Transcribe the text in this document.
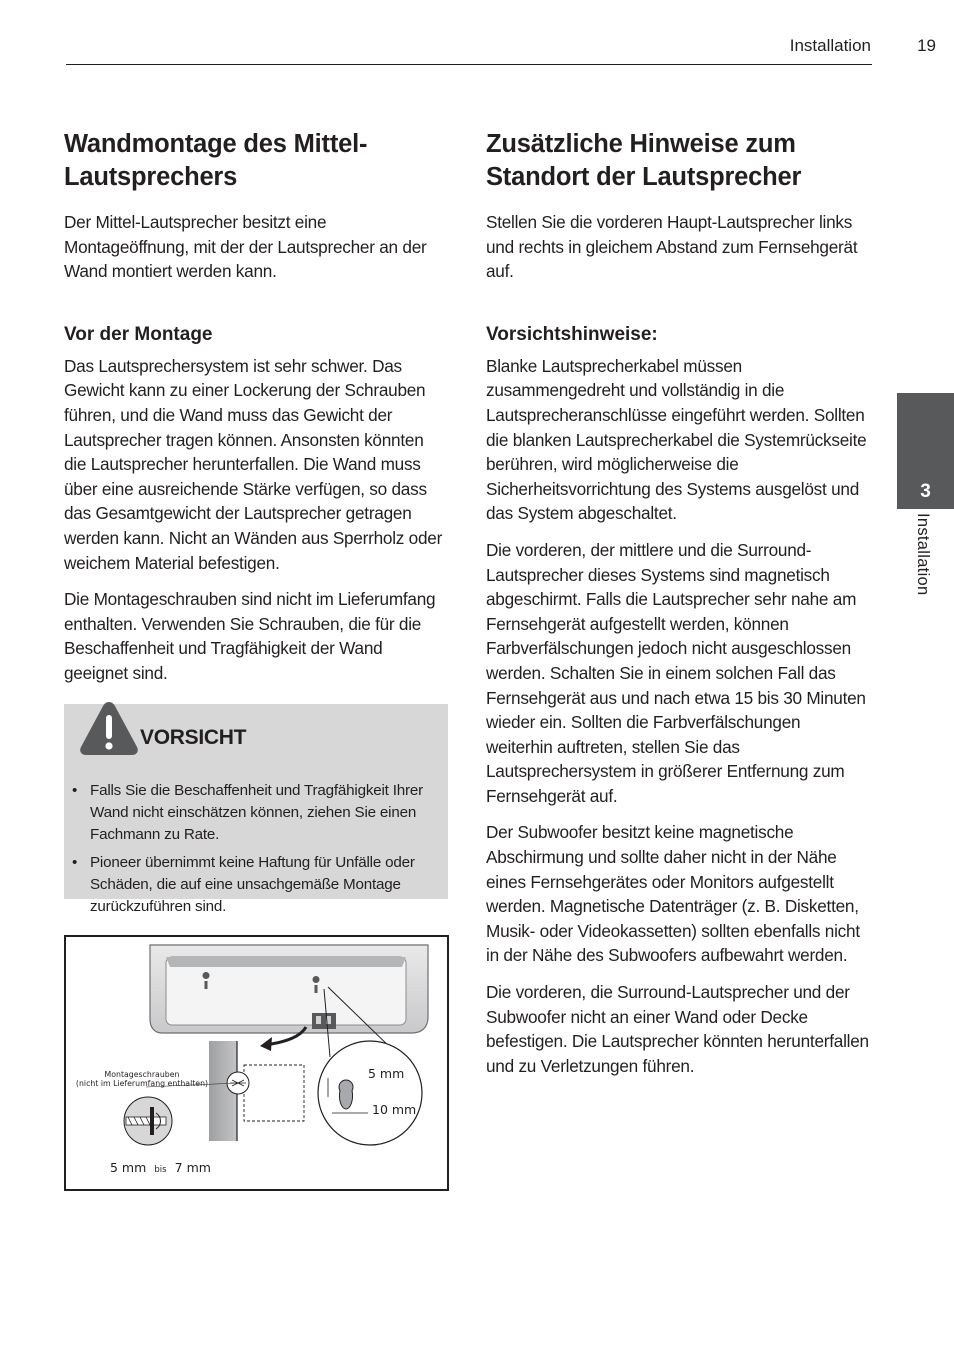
Installation	19
Wandmontage des Mittel-Lautsprechers

Der Mittel-Lautsprecher besitzt eine Montageöffnung, mit der der Lautsprecher an der Wand montiert werden kann.

Vor der Montage

Das Lautsprechersystem ist sehr schwer. Das Gewicht kann zu einer Lockerung der Schrauben führen, und die Wand muss das Gewicht der Lautsprecher tragen können. Ansonsten könnten die Lautsprecher herunterfallen. Die Wand muss über eine ausreichende Stärke verfügen, so dass das Gesamtgewicht der Lautsprecher getragen werden kann. Nicht an Wänden aus Sperrholz oder weichem Material befestigen.

Die Montageschrauben sind nicht im Lieferumfang enthalten. Verwenden Sie Schrauben, die für die Beschaffenheit und Tragfähigkeit der Wand geeignet sind.

VORSICHT
• Falls Sie die Beschaffenheit und Tragfähigkeit Ihrer Wand nicht einschätzen können, ziehen Sie einen Fachmann zu Rate.
• Pioneer übernimmt keine Haftung für Unfälle oder Schäden, die auf eine unsachgemäße Montage zurückzuführen sind.
Montageschrauben
(nicht im Lieferumfang enthalten)
5 mm
10 mm
5 mm bis 7 mm
Zusätzliche Hinweise zum Standort der Lautsprecher

Stellen Sie die vorderen Haupt-Lautsprecher links und rechts in gleichem Abstand zum Fernsehgerät auf.

Vorsichtshinweise:

Blanke Lautsprecherkabel müssen zusammengedreht und vollständig in die Lautsprecheranschlüsse eingeführt werden. Sollten die blanken Lautsprecherkabel die Systemrückseite berühren, wird möglicherweise die Sicherheitsvorrichtung des Systems ausgelöst und das System abgeschaltet.

Die vorderen, der mittlere und die Surround-Lautsprecher dieses Systems sind magnetisch abgeschirmt. Falls die Lautsprecher sehr nahe am Fernsehgerät aufgestellt werden, können Farbverfälschungen jedoch nicht ausgeschlossen werden. Schalten Sie in einem solchen Fall das Fernsehgerät aus und nach etwa 15 bis 30 Minuten wieder ein. Sollten die Farbverfälschungen weiterhin auftreten, stellen Sie das Lautsprechersystem in größerer Entfernung zum Fernsehgerät auf.

Der Subwoofer besitzt keine magnetische Abschirmung und sollte daher nicht in der Nähe eines Fernsehgerätes oder Monitors aufgestellt werden. Magnetische Datenträger (z. B. Disketten, Musik- oder Videokassetten) sollten ebenfalls nicht in der Nähe des Subwoofers aufbewahrt werden.

Die vorderen, die Surround-Lautsprecher und der Subwoofer nicht an einer Wand oder Decke befestigen. Die Lautsprecher könnten herunterfallen und zu Verletzungen führen.

3
Installation
